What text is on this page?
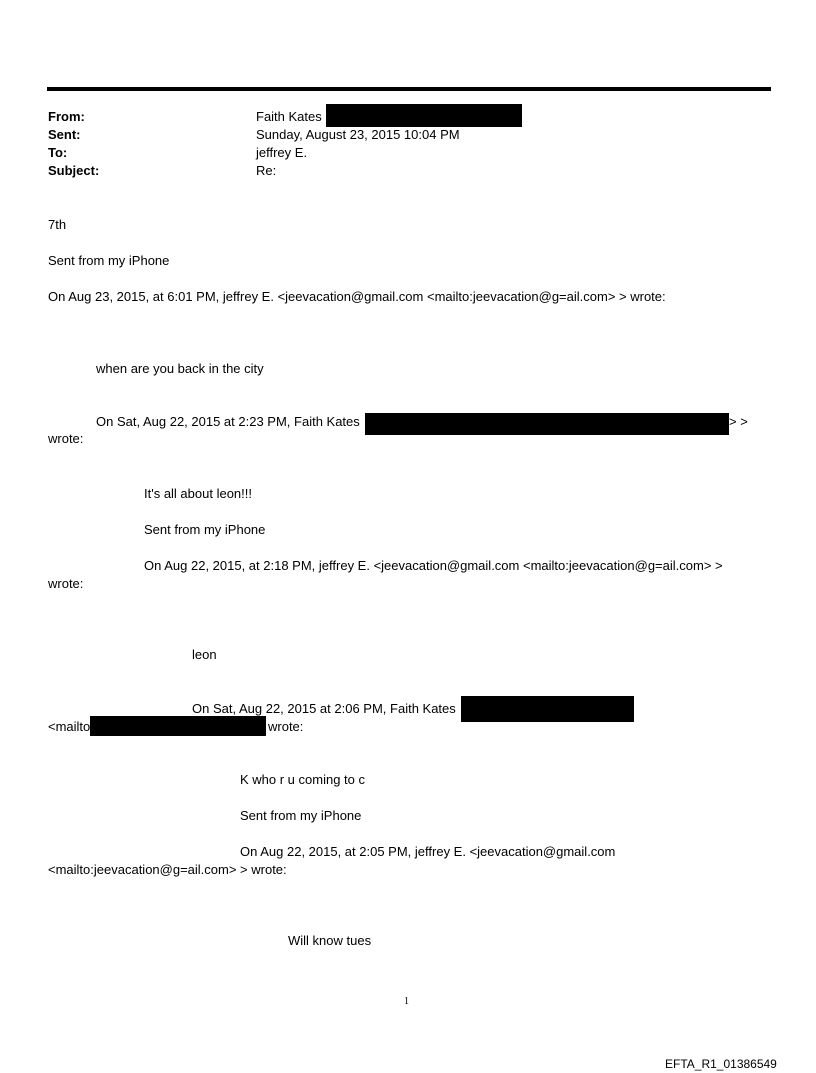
From:	Faith Kates
Sent:	Sunday, August 23, 2015 10:04 PM
To:	jeffrey E.
Subject:	Re:
7th
Sent from my iPhone
On Aug 23, 2015, at 6:01 PM, jeffrey E. <jeevacation@gmail.com <mailto:jeevacation@g=ail.com> > wrote:
when are you back in the city
On Sat, Aug 22, 2015 at 2:23 PM, Faith Kates	> >
wrote:
It's all about leon!!!
Sent from my iPhone
On Aug 22, 2015, at 2:18 PM, jeffrey E. <jeevacation@gmail.com <mailto:jeevacation@g=ail.com> >
wrote:
leon
On Sat, Aug 22, 2015 at 2:06 PM, Faith Kates
<mailto	wrote:
K who r u coming to c
Sent from my iPhone
On Aug 22, 2015, at 2:05 PM, jeffrey E. <jeevacation@gmail.com
<mailto:jeevacation@g=ail.com> > wrote:
Will know tues
1
EFTA_R1_01386549
